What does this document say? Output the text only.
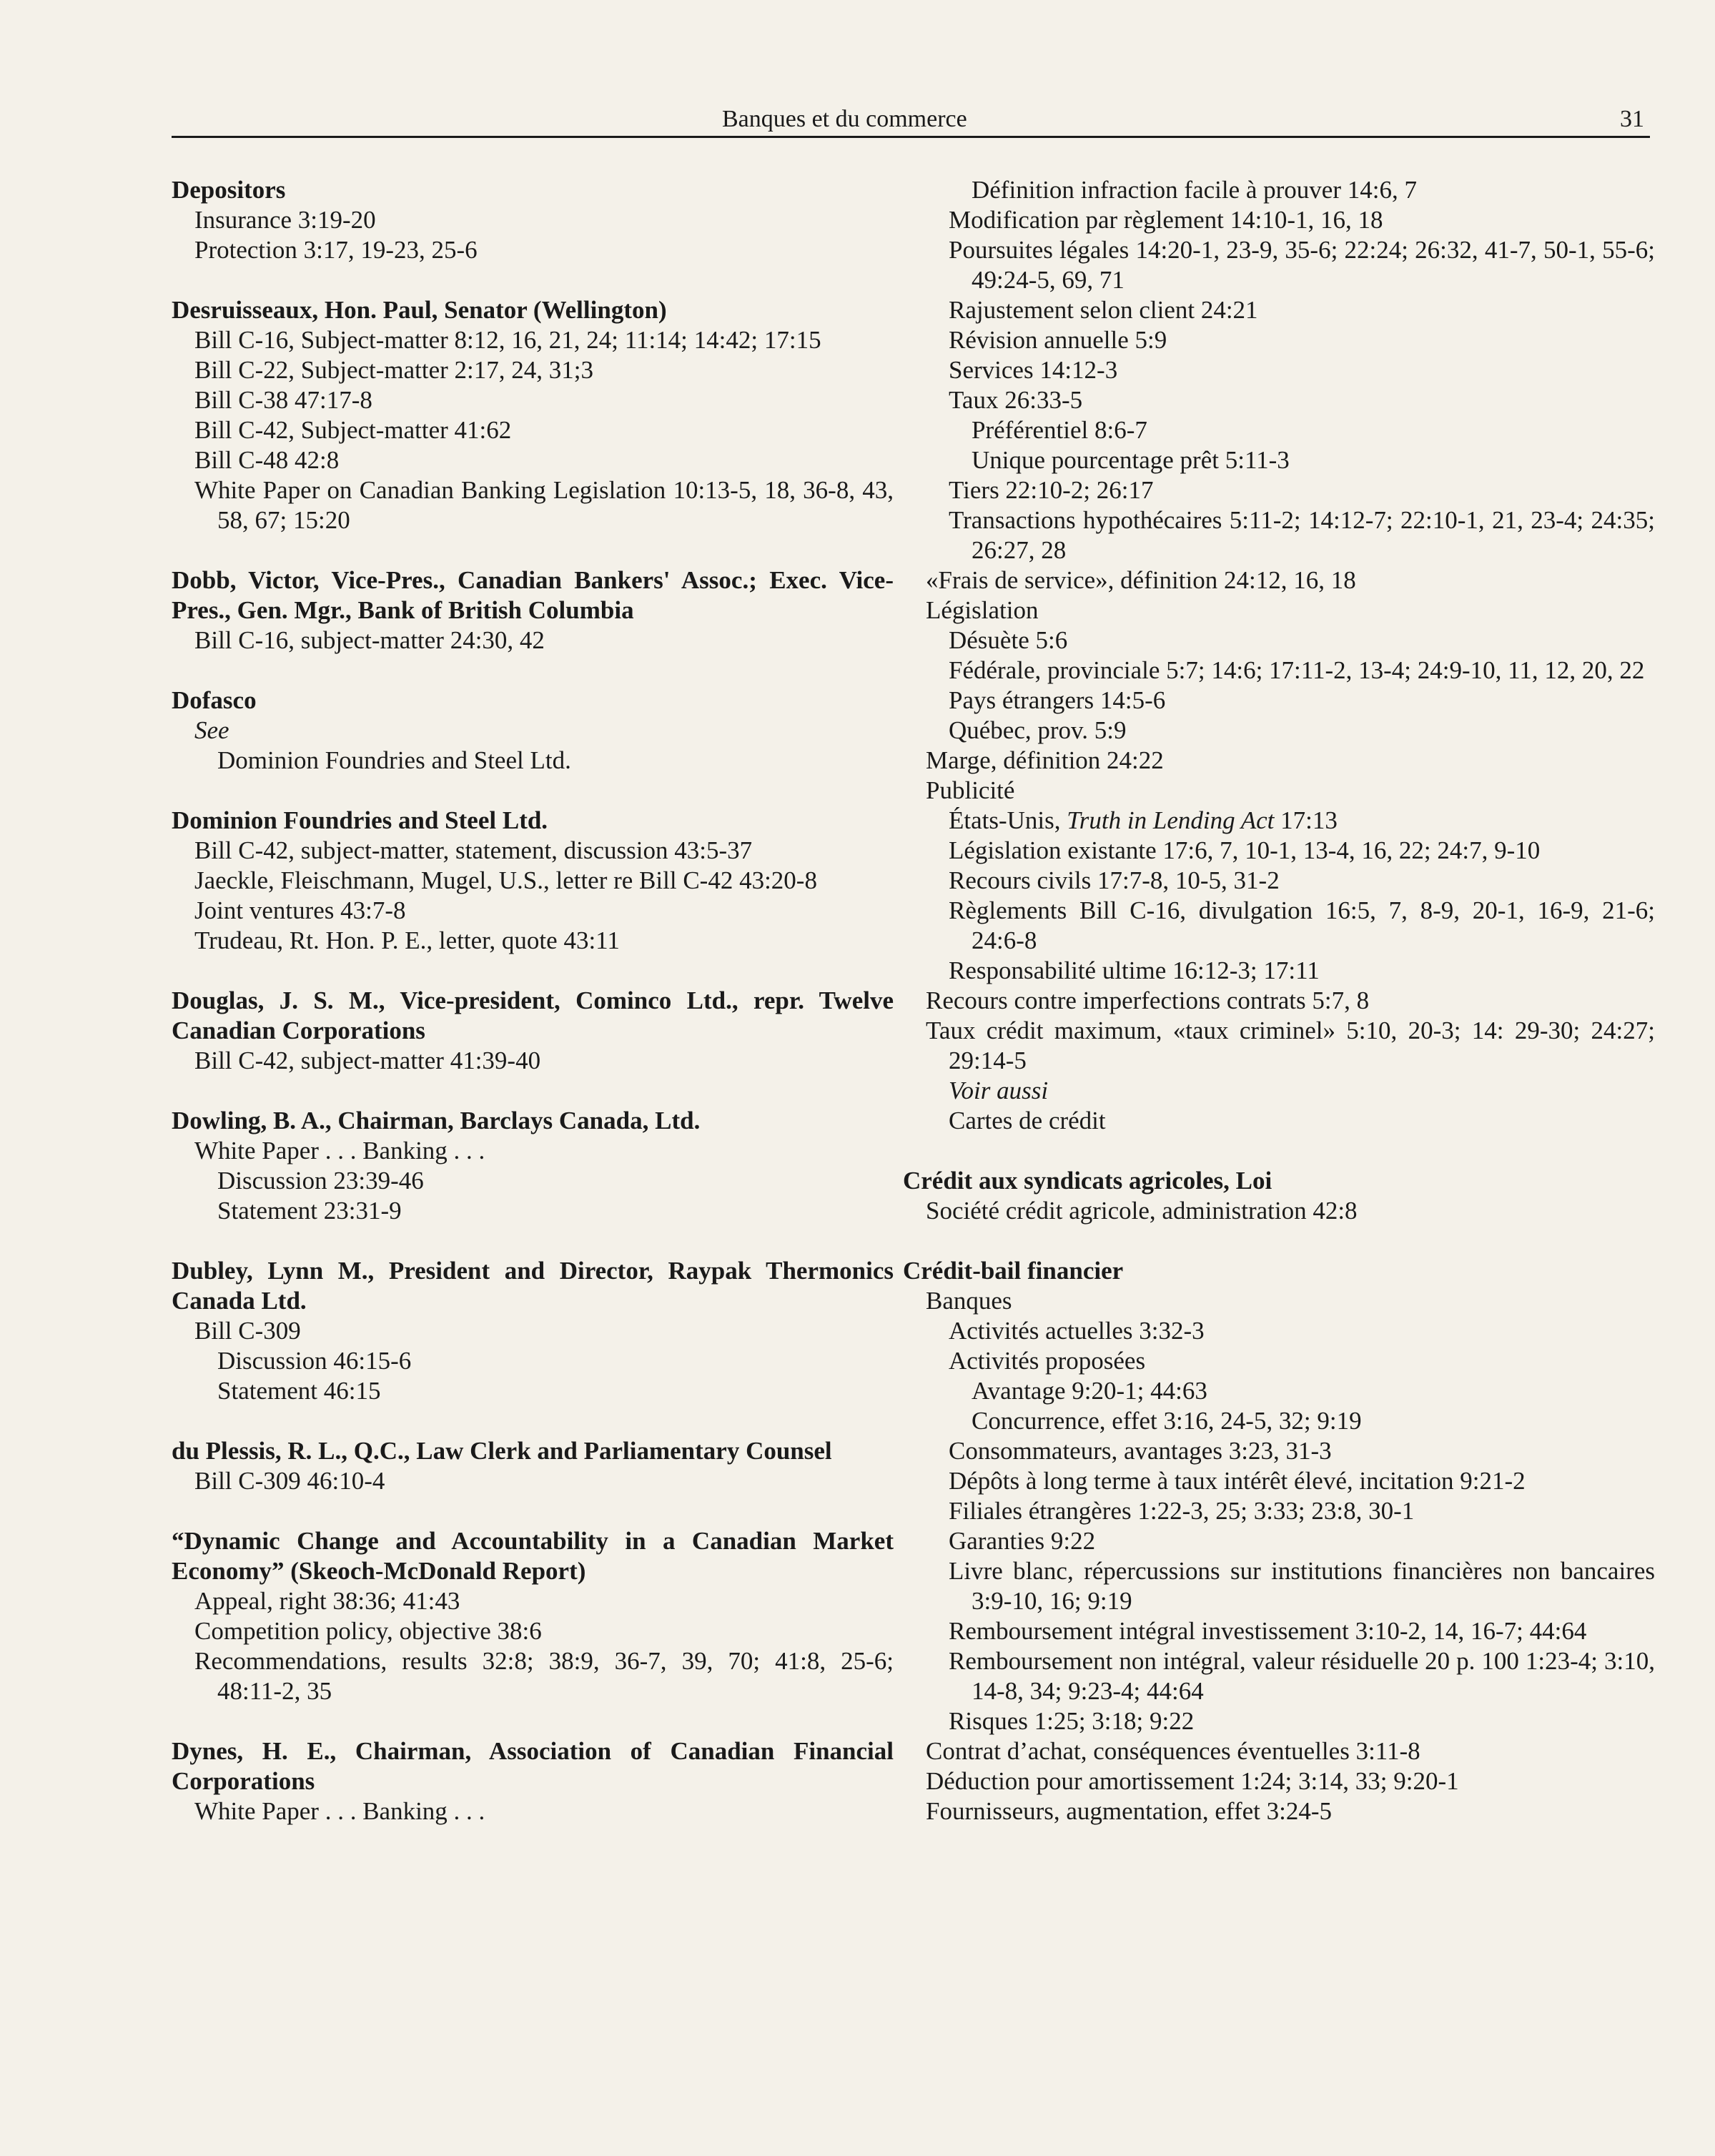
Banques et du commerce	31
Depositors
Insurance 3:19-20
Protection 3:17, 19-23, 25-6
Desruisseaux, Hon. Paul, Senator (Wellington)
Bill C-16, Subject-matter 8:12, 16, 21, 24; 11:14; 14:42; 17:15
Bill C-22, Subject-matter 2:17, 24, 31;3
Bill C-38 47:17-8
Bill C-42, Subject-matter 41:62
Bill C-48 42:8
White Paper on Canadian Banking Legislation 10:13-5, 18, 36-8, 43, 58, 67; 15:20
Dobb, Victor, Vice-Pres., Canadian Bankers' Assoc.; Exec. Vice-Pres., Gen. Mgr., Bank of British Columbia
Bill C-16, subject-matter 24:30, 42
Dofasco
See
Dominion Foundries and Steel Ltd.
Dominion Foundries and Steel Ltd.
Bill C-42, subject-matter, statement, discussion 43:5-37
Jaeckle, Fleischmann, Mugel, U.S., letter re Bill C-42 43:20-8
Joint ventures 43:7-8
Trudeau, Rt. Hon. P. E., letter, quote 43:11
Douglas, J. S. M., Vice-president, Cominco Ltd., repr. Twelve Canadian Corporations
Bill C-42, subject-matter 41:39-40
Dowling, B. A., Chairman, Barclays Canada, Ltd.
White Paper . . . Banking . . .
Discussion 23:39-46
Statement 23:31-9
Dubley, Lynn M., President and Director, Raypak Thermonics Canada Ltd.
Bill C-309
Discussion 46:15-6
Statement 46:15
du Plessis, R. L., Q.C., Law Clerk and Parliamentary Counsel
Bill C-309 46:10-4
“Dynamic Change and Accountability in a Canadian Market Economy” (Skeoch-McDonald Report)
Appeal, right 38:36; 41:43
Competition policy, objective 38:6
Recommendations, results 32:8; 38:9, 36-7, 39, 70; 41:8, 25-6; 48:11-2, 35
Dynes, H. E., Chairman, Association of Canadian Financial Corporations
White Paper . . . Banking . . .
Définition infraction facile à prouver 14:6, 7
Modification par règlement 14:10-1, 16, 18
Poursuites légales 14:20-1, 23-9, 35-6; 22:24; 26:32, 41-7, 50-1, 55-6; 49:24-5, 69, 71
Rajustement selon client 24:21
Révision annuelle 5:9
Services 14:12-3
Taux 26:33-5
Préférentiel 8:6-7
Unique pourcentage prêt 5:11-3
Tiers 22:10-2; 26:17
Transactions hypothécaires 5:11-2; 14:12-7; 22:10-1, 21, 23-4; 24:35; 26:27, 28
«Frais de service», définition 24:12, 16, 18
Législation
Désuète 5:6
Fédérale, provinciale 5:7; 14:6; 17:11-2, 13-4; 24:9-10, 11, 12, 20, 22
Pays étrangers 14:5-6
Québec, prov. 5:9
Marge, définition 24:22
Publicité
États-Unis, Truth in Lending Act 17:13
Législation existante 17:6, 7, 10-1, 13-4, 16, 22; 24:7, 9-10
Recours civils 17:7-8, 10-5, 31-2
Règlements Bill C-16, divulgation 16:5, 7, 8-9, 20-1, 16-9, 21-6; 24:6-8
Responsabilité ultime 16:12-3; 17:11
Recours contre imperfections contrats 5:7, 8
Taux crédit maximum, «taux criminel» 5:10, 20-3; 14: 29-30; 24:27; 29:14-5
Voir aussi
Cartes de crédit
Crédit aux syndicats agricoles, Loi
Société crédit agricole, administration 42:8
Crédit-bail financier
Banques
Activités actuelles 3:32-3
Activités proposées
Avantage 9:20-1; 44:63
Concurrence, effet 3:16, 24-5, 32; 9:19
Consommateurs, avantages 3:23, 31-3
Dépôts à long terme à taux intérêt élevé, incitation 9:21-2
Filiales étrangères 1:22-3, 25; 3:33; 23:8, 30-1
Garanties 9:22
Livre blanc, répercussions sur institutions financières non bancaires 3:9-10, 16; 9:19
Remboursement intégral investissement 3:10-2, 14, 16-7; 44:64
Remboursement non intégral, valeur résiduelle 20 p. 100 1:23-4; 3:10, 14-8, 34; 9:23-4; 44:64
Risques 1:25; 3:18; 9:22
Contrat d’achat, conséquences éventuelles 3:11-8
Déduction pour amortissement 1:24; 3:14, 33; 9:20-1
Fournisseurs, augmentation, effet 3:24-5
